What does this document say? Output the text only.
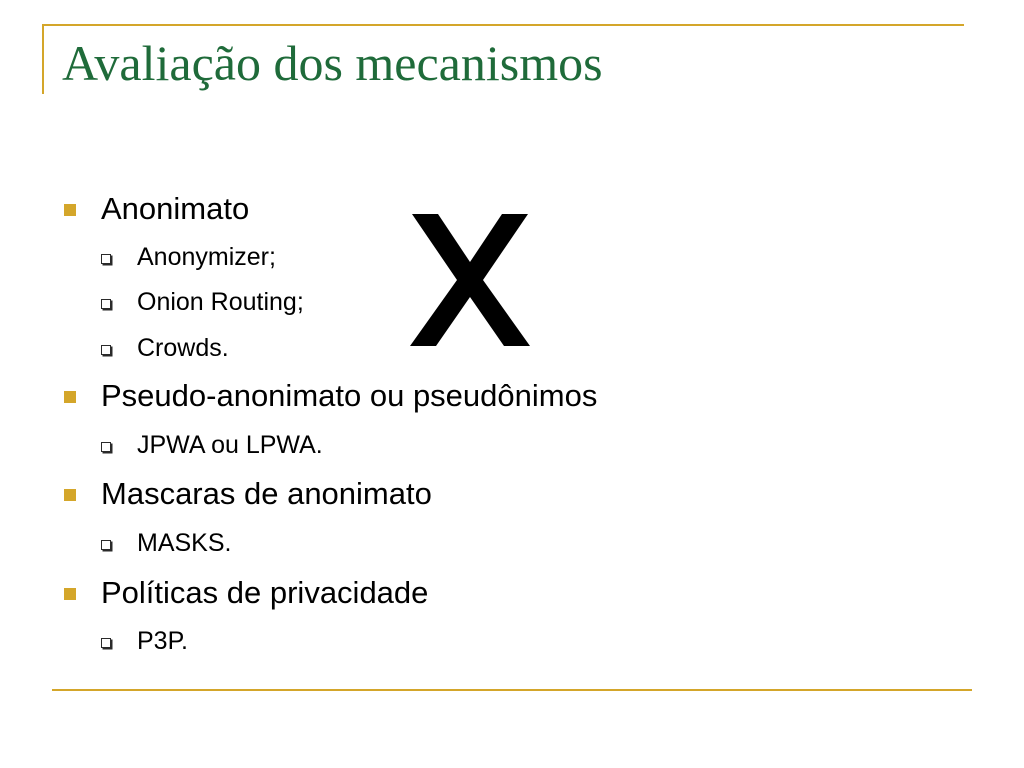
Avaliação dos mecanismos
Anonimato
Anonymizer;
Onion Routing;
Crowds.
Pseudo-anonimato ou pseudônimos
JPWA ou LPWA.
Mascaras de anonimato
MASKS.
Políticas de privacidade
P3P.
